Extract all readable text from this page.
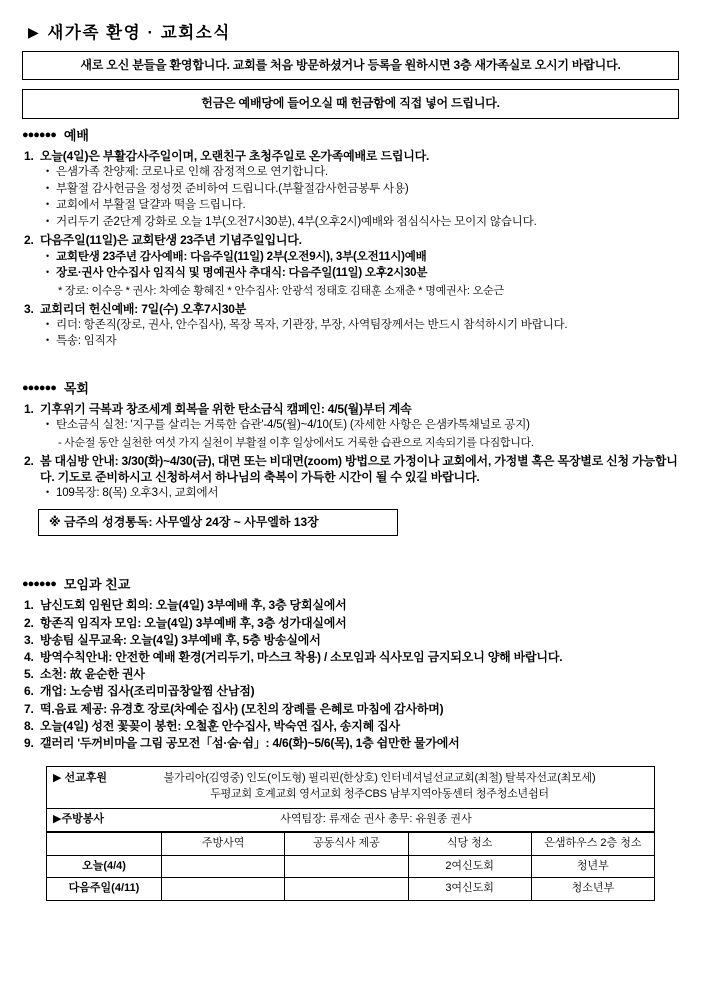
▶ 새가족 환영 · 교회소식
새로 오신 분들을 환영합니다. 교회를 처음 방문하셨거나 등록을 원하시면 3층 새가족실로 오시기 바랍니다.
헌금은 예배당에 들어오실 때 헌금함에 직접 넣어 드립니다.
●●●●●● 예배
1. 오늘(4일)은 부활감사주일이며, 오랜친구 초청주일로 온가족예배로 드립니다.
• 은샘가족 찬양제: 코로나로 인해 잠정적으로 연기합니다.
• 부활절 감사헌금을 정성껏 준비하여 드립니다.(부활절감사헌금봉투 사용)
• 교회에서 부활절 달걀과 떡을 드립니다.
• 거리두기 준2단계 강화로 오늘 1부(오전7시30분), 4부(오후2시)예배와 점심식사는 모이지 않습니다.
2. 다음주일(11일)은 교회탄생 23주년 기념주일입니다.
• 교회탄생 23주년 감사예배: 다음주일(11일) 2부(오전9시), 3부(오전11시)예배
• 장로·권사 안수집사 임직식 및 명예권사 추대식: 다음주일(11일) 오후2시30분
* 장로: 이수응 * 권사: 차예순 황혜진 * 안수집사: 안광석 정태호 김태훈 소재춘 * 명예권사: 오순근
3. 교회리더 헌신예배: 7일(수) 오후7시30분
• 리더: 항존직(장로, 권사, 안수집사), 목장 목자, 기관장, 부장, 사역팀장께서는 반드시 참석하시기 바랍니다.
• 특송: 임직자
●●●●●● 목회
1. 기후위기 극복과 창조세계 회복을 위한 탄소금식 캠페인: 4/5(월)부터 계속
• 탄소금식 실천: '지구를 살리는 거룩한 습관'-4/5(월)~4/10(토) (자세한 사항은 은샘카톡채널로 공지)
- 사순절 동안 실천한 여섯 가지 실천이 부활절 이후 일상에서도 거룩한 습관으로 지속되기를 다짐합니다.
2. 봄 대심방 안내: 3/30(화)~4/30(금), 대면 또는 비대면(zoom) 방법으로 가정이나 교회에서, 가정별 혹은 목장별로 신청 가능합니다. 기도로 준비하시고 신청하셔서 하나님의 축복이 가득한 시간이 될 수 있길 바랍니다.
• 109목장: 8(목) 오후3시, 교회에서
※ 금주의 성경통독: 사무엘상 24장 ~ 사무엘하 13장
●●●●●● 모임과 친교
1. 남신도회 임원단 회의: 오늘(4일) 3부예배 후, 3층 당회실에서
2. 항존직 임직자 모임: 오늘(4일) 3부예배 후, 3층 성가대실에서
3. 방송팀 실무교육: 오늘(4일) 3부예배 후, 5층 방송실에서
4. 방역수칙안내: 안전한 예배 환경(거리두기, 마스크 착용) / 소모임과 식사모임 금지되오니 양해 바랍니다.
5. 소천: 故 윤순한 권사
6. 개업: 노승범 집사(조리미곱창알찜 산남점)
7. 떡.음료 제공: 유경호 장로(차예순 집사) (모친의 장례를 은혜로 마침에 감사하며)
8. 오늘(4일) 성전 꽃꽂이 봉헌: 오철훈 안수집사, 박숙연 집사, 송지혜 집사
9. 갤러리 '두꺼비마을 그림 공모전「섬·숨·쉼」: 4/6(화)~5/6(목), 1층 쉼만한 물가에서
▶ 선교후원	불가리아(김영중) 인도(이도형) 필리핀(한상호) 인터네셔널선교교회(최철) 탈북자선교(최모세)
두평교회 호계교회 영서교회 청주CBS 남부지역아동센터 청주청소년쉼터
▶주방봉사	사역팀장: 류재순 권사 총무: 유원종 권사
	주방사역	공동식사 제공	식당 청소	은샘하우스 2층 청소
오늘(4/4)			2여신도회	청년부
다음주일(4/11)			3여신도회	청소년부
